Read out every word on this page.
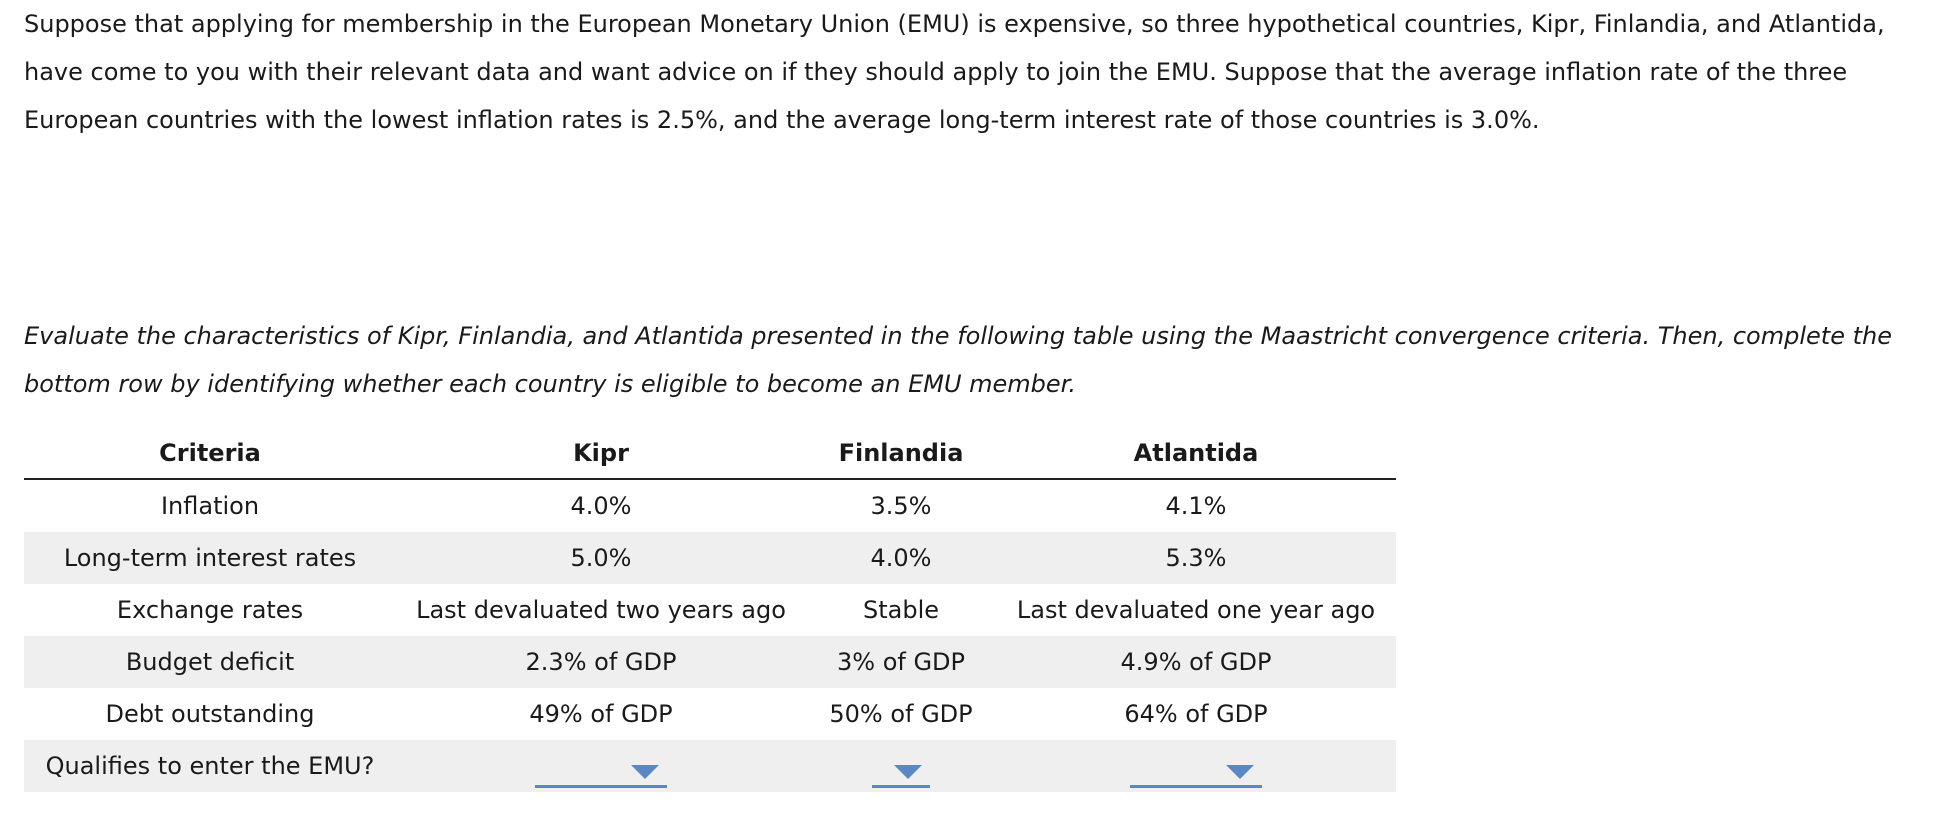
Suppose that applying for membership in the European Monetary Union (EMU) is expensive, so three hypothetical countries, Kipr, Finlandia, and Atlantida, have come to you with their relevant data and want advice on if they should apply to join the EMU. Suppose that the average inflation rate of the three European countries with the lowest inflation rates is 2.5%, and the average long-term interest rate of those countries is 3.0%.

Evaluate the characteristics of Kipr, Finlandia, and Atlantida presented in the following table using the Maastricht convergence criteria. Then, complete the bottom row by identifying whether each country is eligible to become an EMU member.

Criteria	Kipr	Finlandia	Atlantida
Inflation	4.0%	3.5%	4.1%
Long-term interest rates	5.0%	4.0%	5.3%
Exchange rates	Last devaluated two years ago	Stable	Last devaluated one year ago
Budget deficit	2.3% of GDP	3% of GDP	4.9% of GDP
Debt outstanding	49% of GDP	50% of GDP	64% of GDP
Qualifies to enter the EMU?	
